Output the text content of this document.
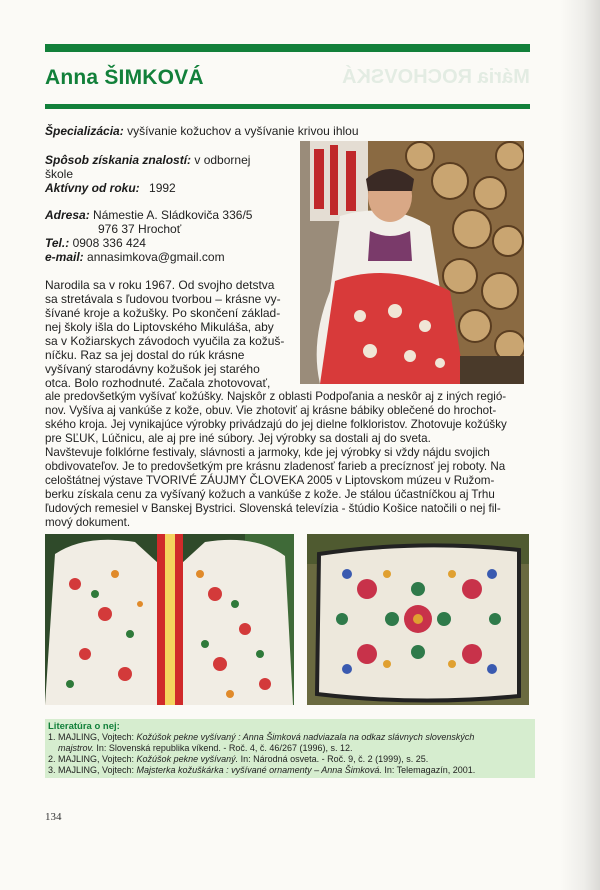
Mária ROCHOVSKÁ
Anna ŠIMKOVÁ
Špecializácia: vyšívanie kožuchov a vyšívanie krivou ihlou
Spôsob získania znalostí: v odbornej
škole
Aktívny od roku: 1992
Adresa: Námestie A. Sládkoviča 336/5
976 37 Hrochoť
Tel.: 0908 336 424
e-mail: annasimkova@gmail.com
Narodila sa v roku 1967. Od svojho detstva
sa stretávala s ľudovou tvorbou – krásne vy-
šívané kroje a kožušky. Po skončení základ-
nej školy išla do Liptovského Mikuláša, aby
sa v Kožiarskych závodoch vyučila za kožuš-
níčku. Raz sa jej dostal do rúk krásne
vyšívaný starodávny kožušok jej starého
otca. Bolo rozhodnuté. Začala zhotovovať,
ale predovšetkým vyšívať kožúšky. Najskôr z oblasti Podpoľania a neskôr aj z iných regió-
nov. Vyšíva aj vankúše z kože, obuv. Vie zhotoviť aj krásne bábiky oblečené do hrochot-
ského kroja. Jej vynikajúce výrobky privádzajú do jej dielne folkloristov. Zhotovuje kožúšky
pre SĽUK, Lúčnicu, ale aj pre iné súbory. Jej výrobky sa dostali aj do sveta.
Navštevuje folklórne festivaly, slávnosti a jarmoky, kde jej výrobky si vždy nájdu svojich
obdivovateľov. Je to predovšetkým pre krásnu zladenosť farieb a precíznosť jej roboty. Na
celoštátnej výstave TVORIVÉ ZÁUJMY ČLOVEKA 2005 v Liptovskom múzeu v Ružom-
berku získala cenu za vyšívaný kožuch a vankúše z kože. Je stálou účastníčkou aj Trhu
ľudových remesiel v Banskej Bystrici. Slovenská televízia - štúdio Košice natočili o nej fil-
mový dokument.
Literatúra o nej:
1. MAJLING, Vojtech: Kožúšok pekne vyšívaný : Anna Šimková nadviazala na odkaz slávnych slovenských
majstrov. In: Slovenská republika víkend. - Roč. 4, č. 46/267 (1996), s. 12.
2. MAJLING, Vojtech: Kožúšok pekne vyšívaný. In: Národná osveta. - Roč. 9, č. 2 (1999), s. 25.
3. MAJLING, Vojtech: Majsterka kožuškárka : vyšívané ornamenty – Anna Šimková. In: Telemagazín, 2001.
134
